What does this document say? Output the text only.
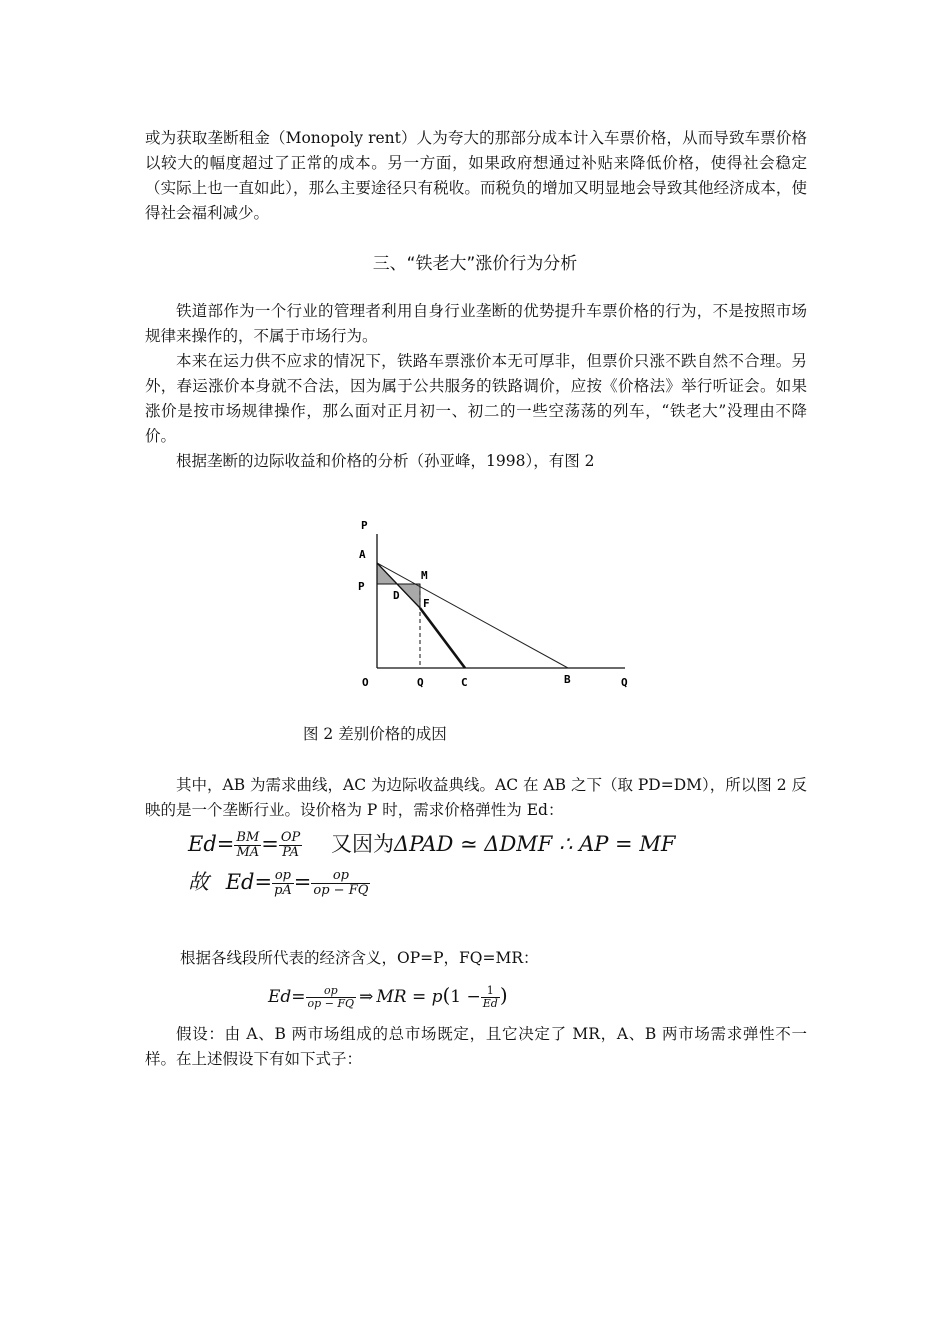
或为获取垄断租金（Monopoly rent）人为夸大的那部分成本计入车票价格，从而导致车票价格以较大的幅度超过了正常的成本。另一方面，如果政府想通过补贴来降低价格，使得社会稳定（实际上也一直如此），那么主要途径只有税收。而税负的增加又明显地会导致其他经济成本，使得社会福利减少。

三、“铁老大”涨价行为分析

铁道部作为一个行业的管理者利用自身行业垄断的优势提升车票价格的行为，不是按照市场规律来操作的，不属于市场行为。

本来在运力供不应求的情况下，铁路车票涨价本无可厚非，但票价只涨不跌自然不合理。另外，春运涨价本身就不合法，因为属于公共服务的铁路调价，应按《价格法》举行听证会。如果涨价是按市场规律操作，那么面对正月初一、初二的一些空荡荡的列车，“铁老大”没理由不降价。

根据垄断的边际收益和价格的分析（孙亚峰，1998），有图 2

P
A
M
P
D
F
O	Q	C	B	Q
图 2 差别价格的成因

其中，AB 为需求曲线，AC 为边际收益典线。AC 在 AB 之下（取 PD=DM），所以图 2 反映的是一个垄断行业。设价格为 P 时，需求价格弹性为 Ed：

$Ed= \frac{BM}{MA} = \frac{OP}{PA}$ 又因为ΔPAD ≃ ΔDMF ∴ AP = MF
故 $Ed= \frac{op}{pA} = \frac{op}{op - FQ}$

根据各线段所代表的经济含义，OP=P，FQ=MR：

$Ed= \frac{op}{op - FQ}$ ⇒ MR = $p(1 - \frac{1}{Ed}$ )

假设：由 A、B 两市场组成的总市场既定，且它决定了 MR，A、B 两市场需求弹性不一样。在上述假设下有如下式子：
